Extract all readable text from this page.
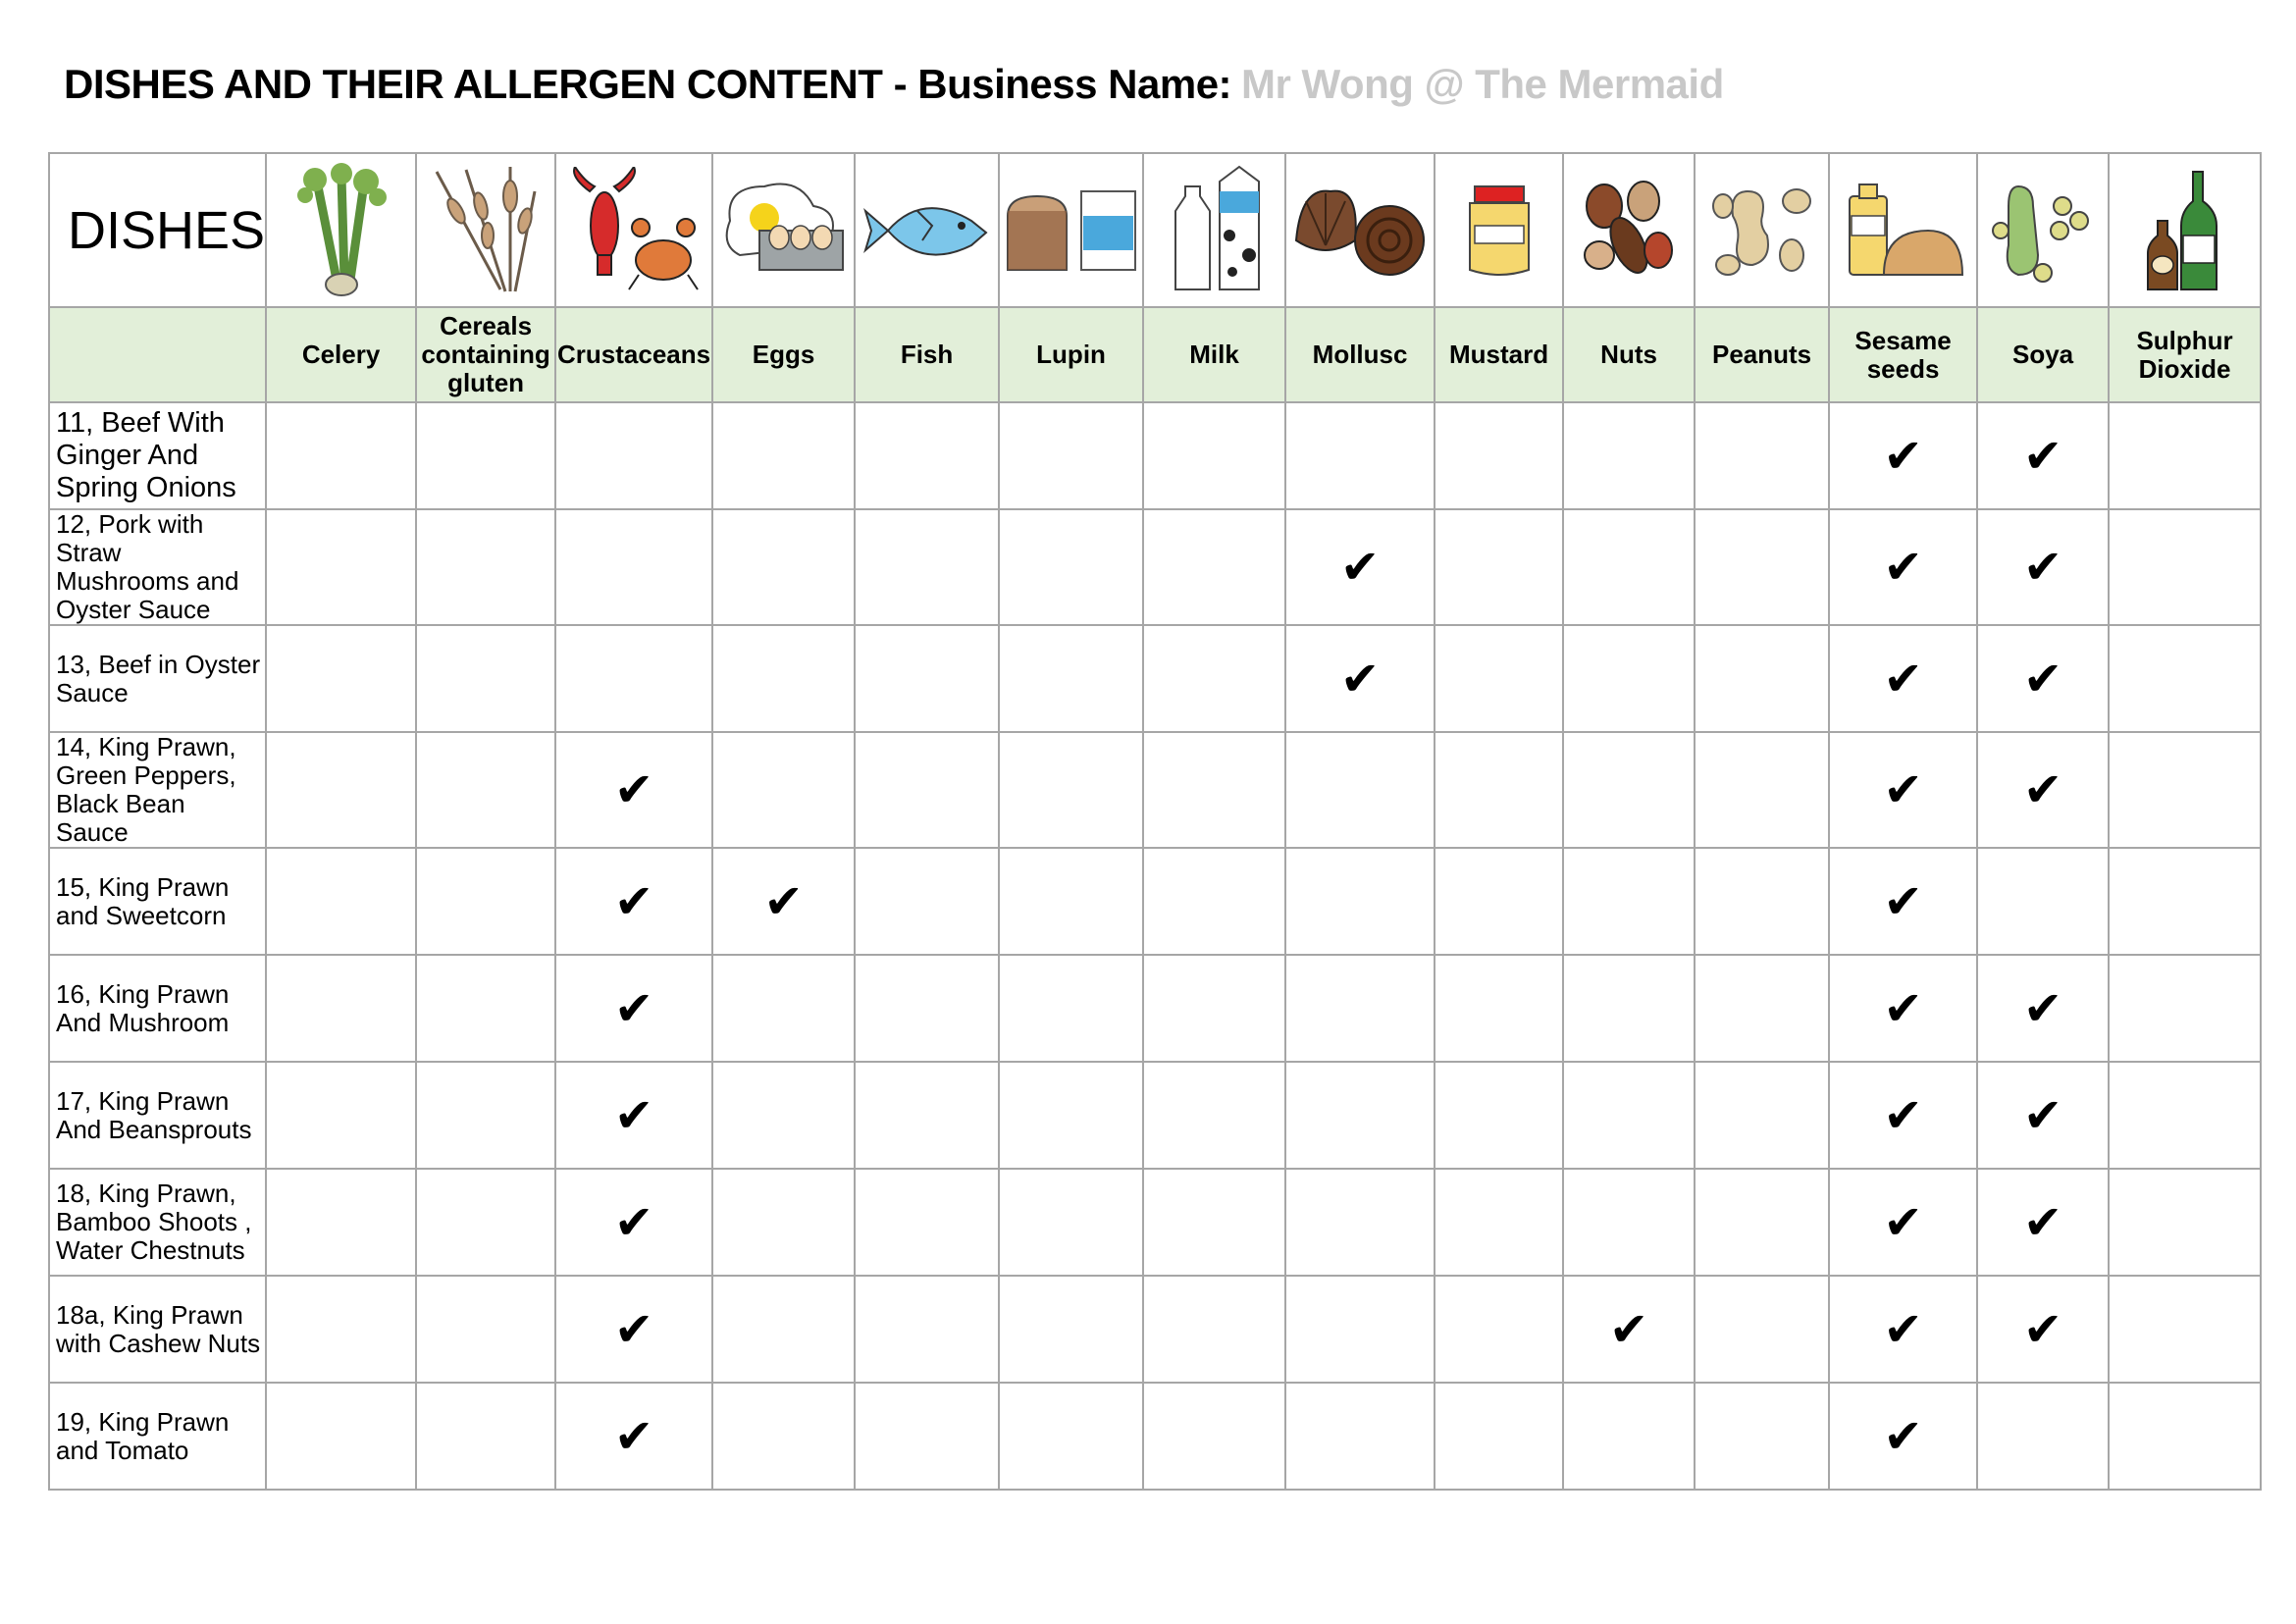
DISHES AND THEIR ALLERGEN CONTENT - Business Name: Mr Wong @ The Mermaid
DISHES	

	Celery	Cereals containing gluten	Crustaceans	Eggs	Fish	Lupin	Milk	Mollusc	Mustard	Nuts	Peanuts	Sesame seeds	Soya	Sulphur Dioxide
11, Beef With Ginger And Spring Onions												✔	✔	
12, Pork with Straw Mushrooms and Oyster Sauce								✔				✔	✔	
13, Beef in Oyster Sauce								✔				✔	✔	
14, King Prawn, Green Peppers, Black Bean Sauce			✔									✔	✔	
15, King Prawn and Sweetcorn			✔	✔								✔		
16, King Prawn And Mushroom			✔									✔	✔	
17, King Prawn And Beansprouts			✔									✔	✔	
18, King Prawn, Bamboo Shoots , Water Chestnuts			✔									✔	✔	
18a, King Prawn with Cashew Nuts			✔							✔		✔	✔	
19, King Prawn and Tomato			✔									✔		
